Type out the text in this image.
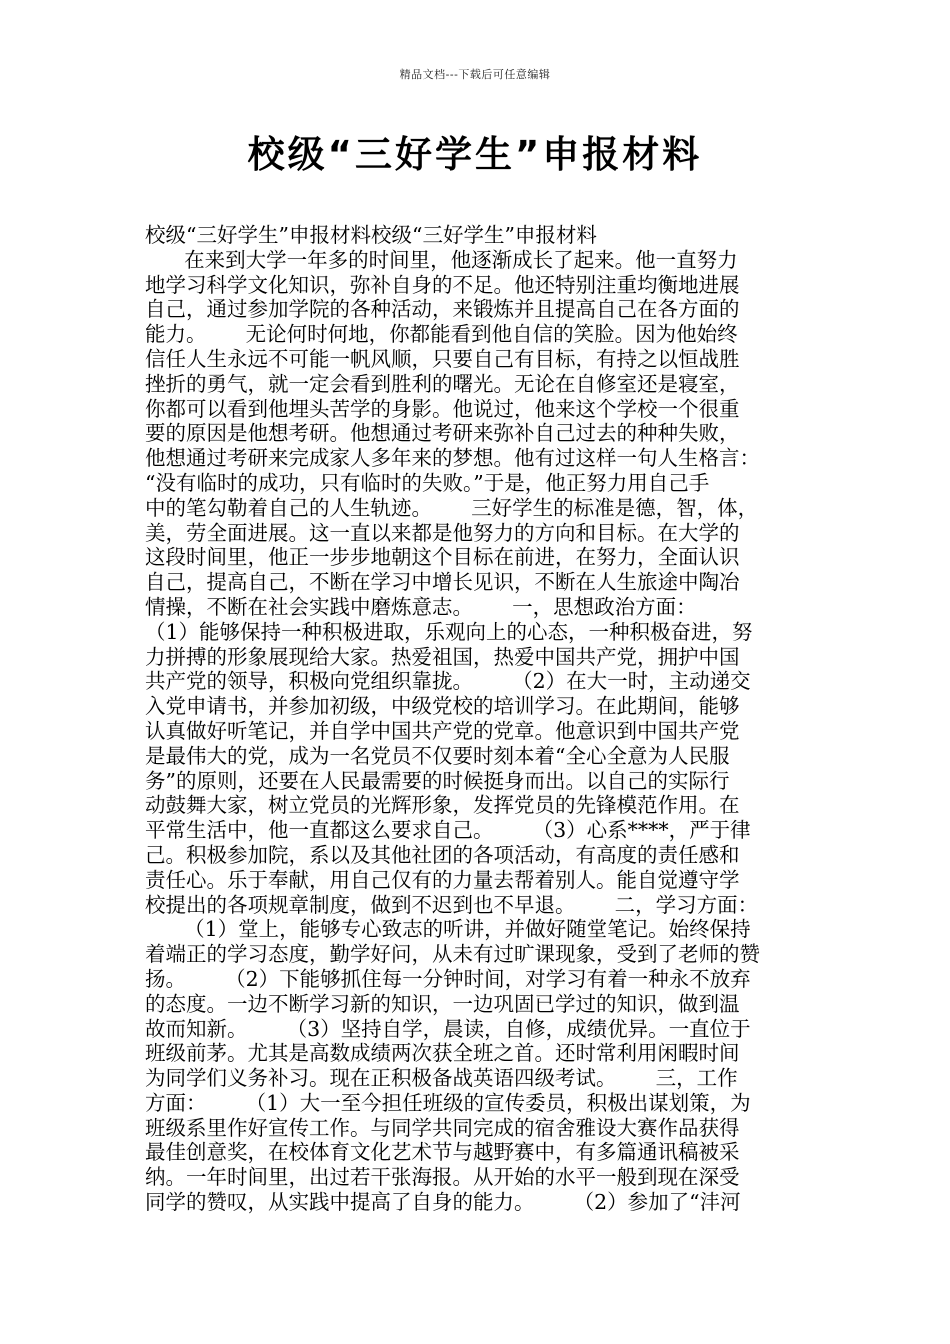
精品文档---下载后可任意编辑
校级“三好学生”申报材料
校级“三好学生”申报材料校级“三好学生”申报材料
在来到大学一年多的时间里，他逐渐成长了起来。他一直努力
地学习科学文化知识，弥补自身的不足。他还特别注重均衡地进展
自己，通过参加学院的各种活动，来锻炼并且提高自己在各方面的
能力。      无论何时何地，你都能看到他自信的笑脸。因为他始终
信任人生永远不可能一帆风顺，只要自己有目标，有持之以恒战胜
挫折的勇气，就一定会看到胜利的曙光。无论在自修室还是寝室，
你都可以看到他埋头苦学的身影。他说过，他来这个学校一个很重
要的原因是他想考研。他想通过考研来弥补自己过去的种种失败，
他想通过考研来完成家人多年来的梦想。他有过这样一句人生格言：
“没有临时的成功，只有临时的失败。”于是，他正努力用自己手
中的笔勾勒着自己的人生轨迹。      三好学生的标准是德，智，体，
美，劳全面进展。这一直以来都是他努力的方向和目标。在大学的
这段时间里，他正一步步地朝这个目标在前进，在努力，全面认识
自己，提高自己，不断在学习中增长见识，不断在人生旅途中陶冶
情操，不断在社会实践中磨炼意志。      一，思想政治方面：
（1）能够保持一种积极进取，乐观向上的心态，一种积极奋进，努
力拼搏的形象展现给大家。热爱祖国，热爱中国共产党，拥护中国
共产党的领导，积极向党组织靠拢。      （2）在大一时，主动递交
入党申请书，并参加初级，中级党校的培训学习。在此期间，能够
认真做好听笔记，并自学中国共产党的党章。他意识到中国共产党
是最伟大的党，成为一名党员不仅要时刻本着“全心全意为人民服
务”的原则，还要在人民最需要的时候挺身而出。以自己的实际行
动鼓舞大家，树立党员的光辉形象，发挥党员的先锋模范作用。在
平常生活中，他一直都这么要求自己。      （3）心系****，严于律
己。积极参加院，系以及其他社团的各项活动，有高度的责任感和
责任心。乐于奉献，用自己仅有的力量去帮着别人。能自觉遵守学
校提出的各项规章制度，做到不迟到也不早退。      二，学习方面：
（1）堂上，能够专心致志的听讲，并做好随堂笔记。始终保持
着端正的学习态度，勤学好问，从未有过旷课现象，受到了老师的赞
扬。      （2）下能够抓住每一分钟时间，对学习有着一种永不放弃
的态度。一边不断学习新的知识，一边巩固已学过的知识，做到温
故而知新。      （3）坚持自学，晨读，自修，成绩优异。一直位于
班级前茅。尤其是高数成绩两次获全班之首。还时常利用闲暇时间
为同学们义务补习。现在正积极备战英语四级考试。      三，工作
方面：      （1）大一至今担任班级的宣传委员，积极出谋划策，为
班级系里作好宣传工作。与同学共同完成的宿舍雅设大赛作品获得
最佳创意奖，在校体育文化艺术节与越野赛中，有多篇通讯稿被采
纳。一年时间里，出过若干张海报。从开始的水平一般到现在深受
同学的赞叹，从实践中提高了自身的能力。      （2）参加了“沣河
